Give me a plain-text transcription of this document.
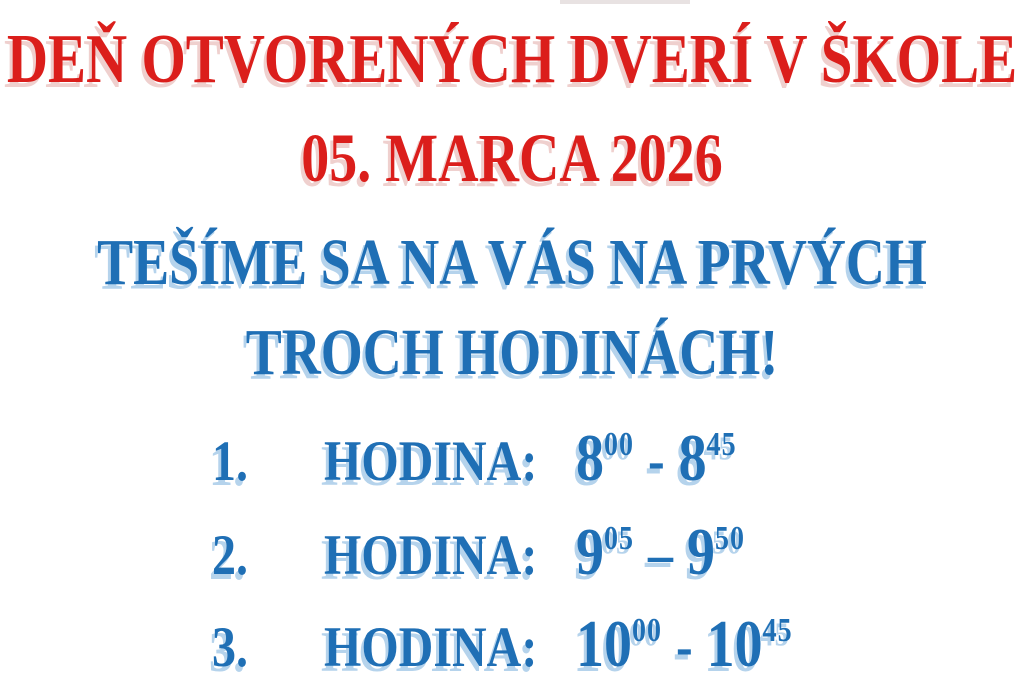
DEŇ OTVORENÝCH DVERÍ V ŠKOLE
05. MARCA 2026
TEŠÍME SA NA VÁS NA PRVÝCH
TROCH HODINÁCH!
1.	HODINA: $8^{00} - 8^{45}$
2.	HODINA: $9^{05} - 9^{50}$
3.	HODINA: $10^{00} - 10^{45}$
